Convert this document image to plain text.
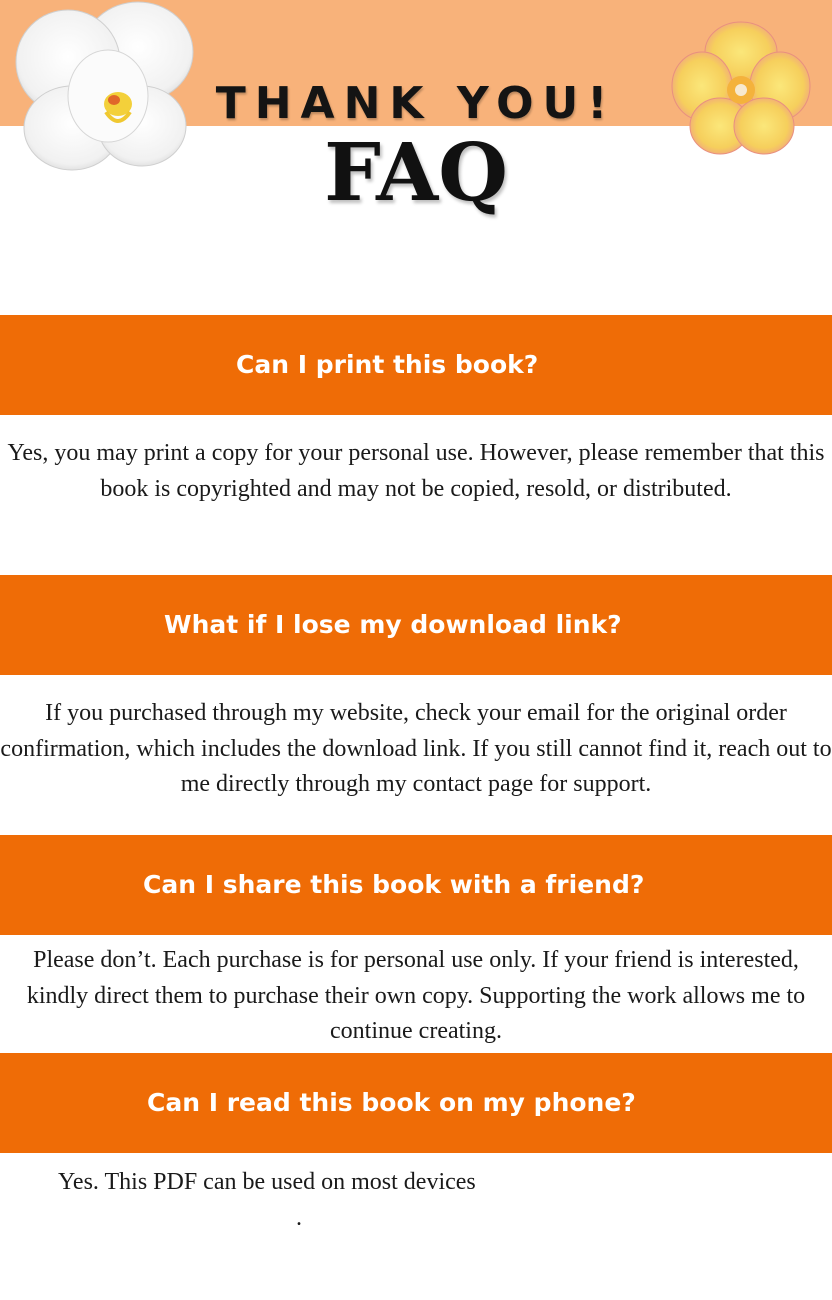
THANK YOU!
FAQ
Can I print this book?
Yes, you may print a copy for your personal use. However, please remember that this book is copyrighted and may not be copied, resold, or distributed.
What if I lose my download link?
If you purchased through my website, check your email for the original order confirmation, which includes the download link. If you still cannot find it, reach out to me directly through my contact page for support.
Can I share this book with a friend?
Please don’t. Each purchase is for personal use only. If your friend is interested, kindly direct them to purchase their own copy. Supporting the work allows me to continue creating.
Can I read this book on my phone?
Yes. This PDF can be used on most devices
.
